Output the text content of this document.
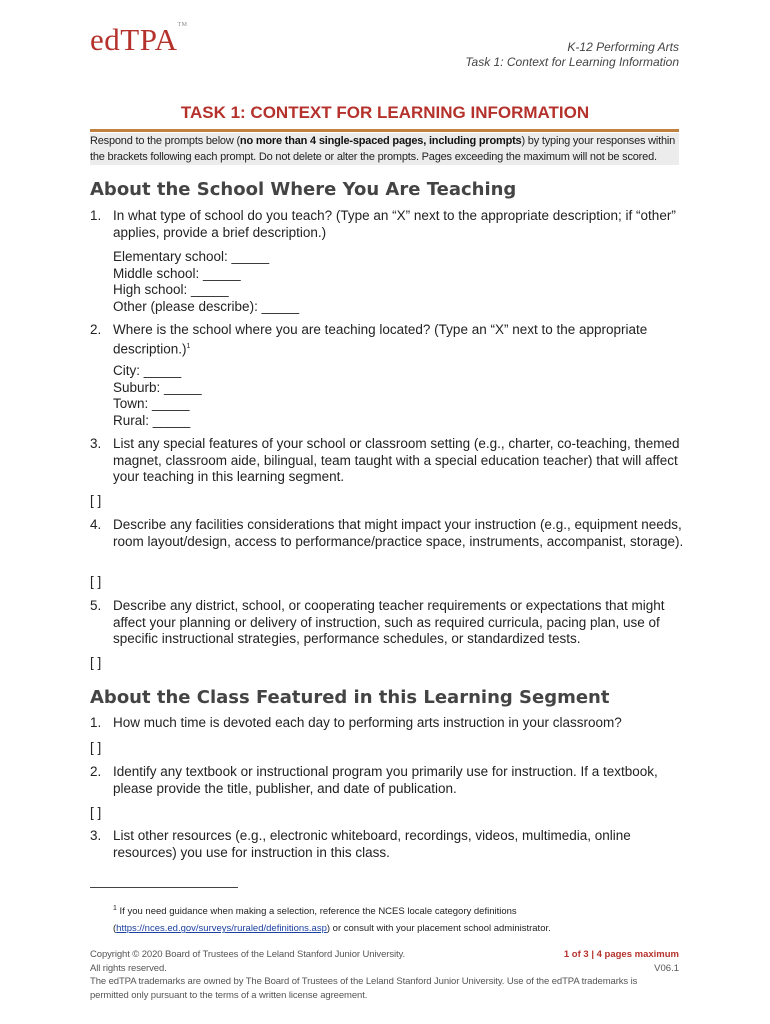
edTPA™
K-12 Performing Arts
Task 1: Context for Learning Information
TASK 1: CONTEXT FOR LEARNING INFORMATION
Respond to the prompts below (no more than 4 single-spaced pages, including prompts) by typing your responses within the brackets following each prompt. Do not delete or alter the prompts. Pages exceeding the maximum will not be scored.
About the School Where You Are Teaching
1. In what type of school do you teach? (Type an “X” next to the appropriate description; if “other” applies, provide a brief description.)
Elementary school: _____
Middle school: _____
High school: _____
Other (please describe): _____
2. Where is the school where you are teaching located? (Type an “X” next to the appropriate description.)$^1$
City: _____
Suburb: _____
Town: _____
Rural: _____
3. List any special features of your school or classroom setting (e.g., charter, co-teaching, themed magnet, classroom aide, bilingual, team taught with a special education teacher) that will affect your teaching in this learning segment.
[ ]
4. Describe any facilities considerations that might impact your instruction (e.g., equipment needs, room layout/design, access to performance/practice space, instruments, accompanist, storage).
[ ]
5. Describe any district, school, or cooperating teacher requirements or expectations that might affect your planning or delivery of instruction, such as required curricula, pacing plan, use of specific instructional strategies, performance schedules, or standardized tests.
[ ]
About the Class Featured in this Learning Segment
1. How much time is devoted each day to performing arts instruction in your classroom?
[ ]
2. Identify any textbook or instructional program you primarily use for instruction. If a textbook, please provide the title, publisher, and date of publication.
[ ]
3. List other resources (e.g., electronic whiteboard, recordings, videos, multimedia, online resources) you use for instruction in this class.
$^1$ If you need guidance when making a selection, reference the NCES locale category definitions
(https://nces.ed.gov/surveys/ruraled/definitions.asp) or consult with your placement school administrator.
Copyright © 2020 Board of Trustees of the Leland Stanford Junior University.
All rights reserved.
The edTPA trademarks are owned by The Board of Trustees of the Leland Stanford Junior University. Use of the edTPA trademarks is permitted only pursuant to the terms of a written license agreement.
1 of 3 | 4 pages maximum
V06.1
